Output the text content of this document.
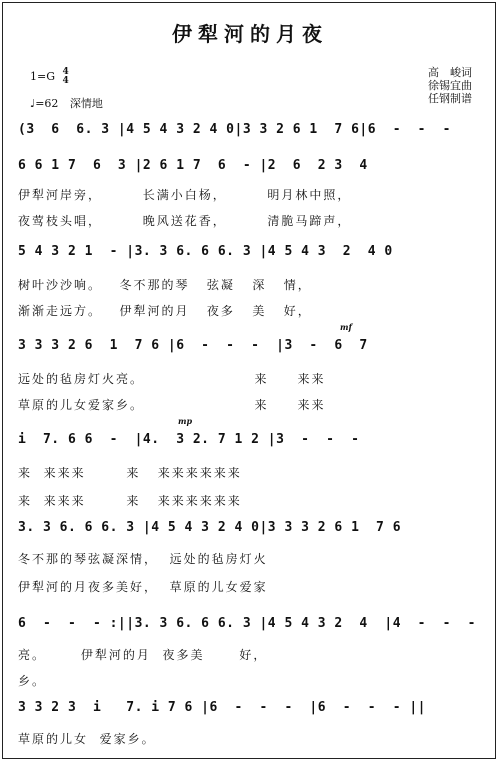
伊犁河的月夜
1=G 4
4
♩=62 深情地
高　峻词
徐锡宜曲
任钢制谱
(3  6  6. 3 |4 5 4 3 2 4 0|3 3 2 6 1  7 6|6  -  -  -
6 6 1 7  6  3 |2 6 1 7  6  - |2  6  2 3  4
伊犁河岸旁，       长满小白杨，       明月林中照，
夜莺枝头唱，       晚风送花香，       清脆马蹄声，
5 4 3 2 1  - |3. 3 6. 6 6. 3 |4 5 4 3  2  4 0
树叶沙沙响。   冬不那的琴   弦凝   深   情，
渐渐走远方。   伊犁河的月   夜多   美   好，
mf
3 3 3 2 6  1  7 6 |6  -  -  -  |3  -  6  7
远处的毡房灯火亮。                   来     来来
草原的儿女爱家乡。                   来     来来
mp
i  7. 6 6  -  |4.  3 2. 7 1 2 |3  -  -  -
来  来来来       来   来来来来来来
来  来来来       来   来来来来来来
3. 3 6. 6 6. 3 |4 5 4 3 2 4 0|3 3 3 2 6 1  7 6
冬不那的琴弦凝深情，  远处的毡房灯火
伊犁河的月夜多美好，  草原的儿女爱家
6  -  -  - :||3. 3 6. 6 6. 3 |4 5 4 3 2  4  |4  -  -  -
亮。      伊犁河的月  夜多美      好，
乡。
3 3 2 3  i   7. i 7 6 |6  -  -  -  |6  -  -  - ||
草原的儿女  爱家乡。
